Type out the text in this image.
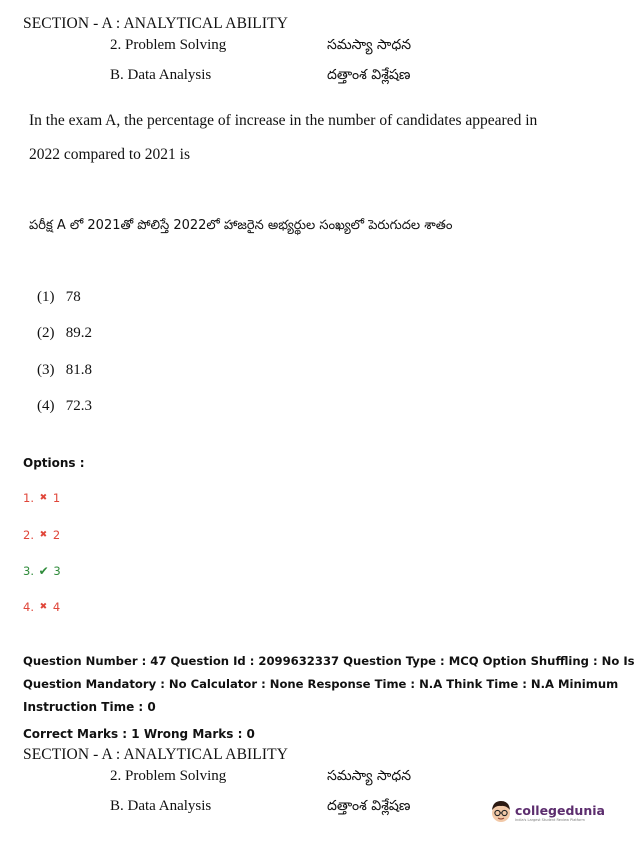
SECTION - A : ANALYTICAL ABILITY
2. Problem Solving	సమస్యా సాధన
B. Data Analysis	దత్తాంశ విశ్లేషణ
In the exam A, the percentage of increase in the number of candidates appeared in
2022 compared to 2021 is
పరీక్ష A లో 2021తో పోలిస్తే 2022లో హాజరైన అభ్యర్థుల సంఖ్యలో పెరుగుదల శాతం
(1) 78
(2) 89.2
(3) 81.8
(4) 72.3
Options :
1. ✖ 1
2. ✖ 2
3. ✔ 3
4. ✖ 4
Question Number : 47 Question Id : 2099632337 Question Type : MCQ Option Shuffling : No Is
Question Mandatory : No Calculator : None Response Time : N.A Think Time : N.A Minimum
Instruction Time : 0
Correct Marks : 1 Wrong Marks : 0
SECTION - A : ANALYTICAL ABILITY
2. Problem Solving	సమస్యా సాధన
B. Data Analysis	దత్తాంశ విశ్లేషణ	collegedunia
India's Largest Student Review Platform
